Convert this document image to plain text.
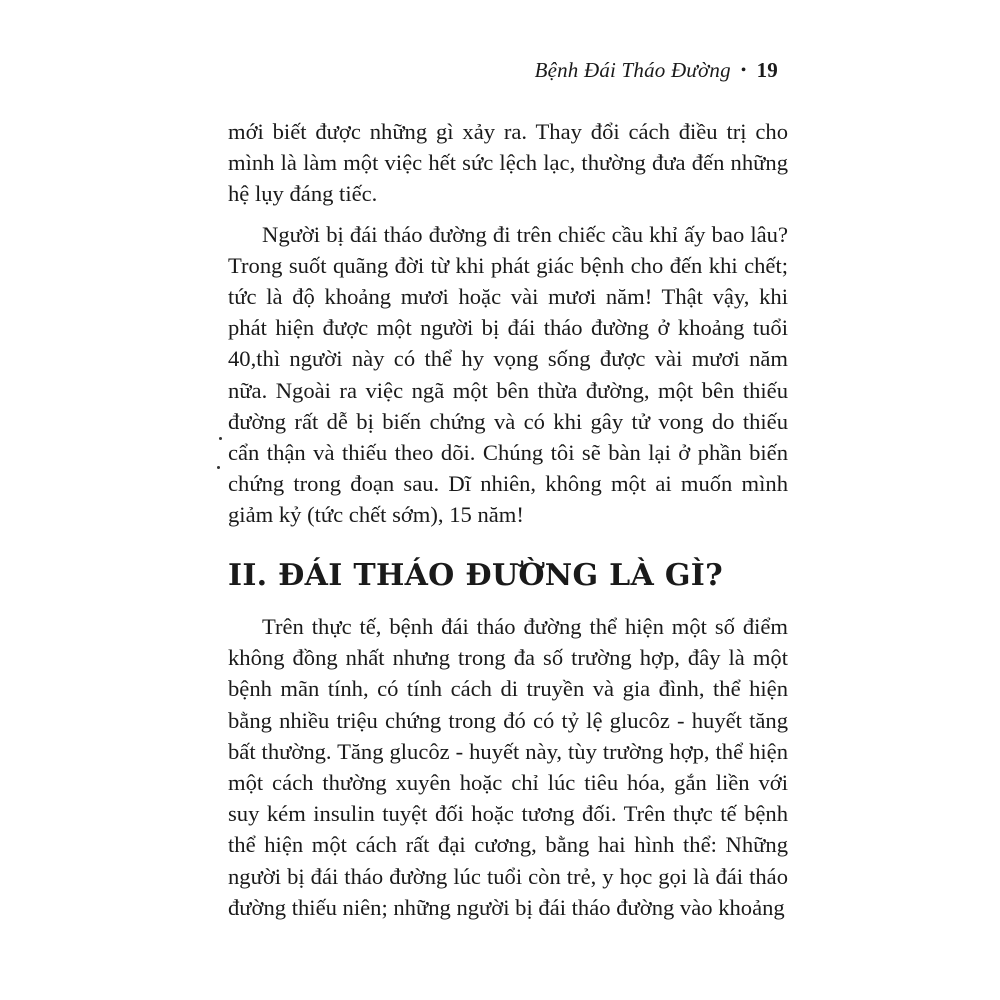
Bệnh Đái Tháo Đường • 19

mới biết được những gì xảy ra. Thay đổi cách điều trị cho mình là làm một việc hết sức lệch lạc, thường đưa đến những hệ lụy đáng tiếc.

Người bị đái tháo đường đi trên chiếc cầu khỉ ấy bao lâu? Trong suốt quãng đời từ khi phát giác bệnh cho đến khi chết; tức là độ khoảng mươi hoặc vài mươi năm! Thật vậy, khi phát hiện được một người bị đái tháo đường ở khoảng tuổi 40,thì người này có thể hy vọng sống được vài mươi năm nữa. Ngoài ra việc ngã một bên thừa đường, một bên thiếu đường rất dễ bị biến chứng và có khi gây tử vong do thiếu cẩn thận và thiếu theo dõi. Chúng tôi sẽ bàn lại ở phần biến chứng trong đoạn sau. Dĩ nhiên, không một ai muốn mình giảm kỷ (tức chết sớm), 15 năm!

II. ĐÁI THÁO ĐƯỜNG LÀ GÌ?

Trên thực tế, bệnh đái tháo đường thể hiện một số điểm không đồng nhất nhưng trong đa số trường hợp, đây là một bệnh mãn tính, có tính cách di truyền và gia đình, thể hiện bằng nhiều triệu chứng trong đó có tỷ lệ glucôz - huyết tăng bất thường. Tăng glucôz - huyết này, tùy trường hợp, thể hiện một cách thường xuyên hoặc chỉ lúc tiêu hóa, gắn liền với suy kém insulin tuyệt đối hoặc tương đối. Trên thực tế bệnh thể hiện một cách rất đại cương, bằng hai hình thể: Những người bị đái tháo đường lúc tuổi còn trẻ, y học gọi là đái tháo đường thiếu niên; những người bị đái tháo đường vào khoảng
